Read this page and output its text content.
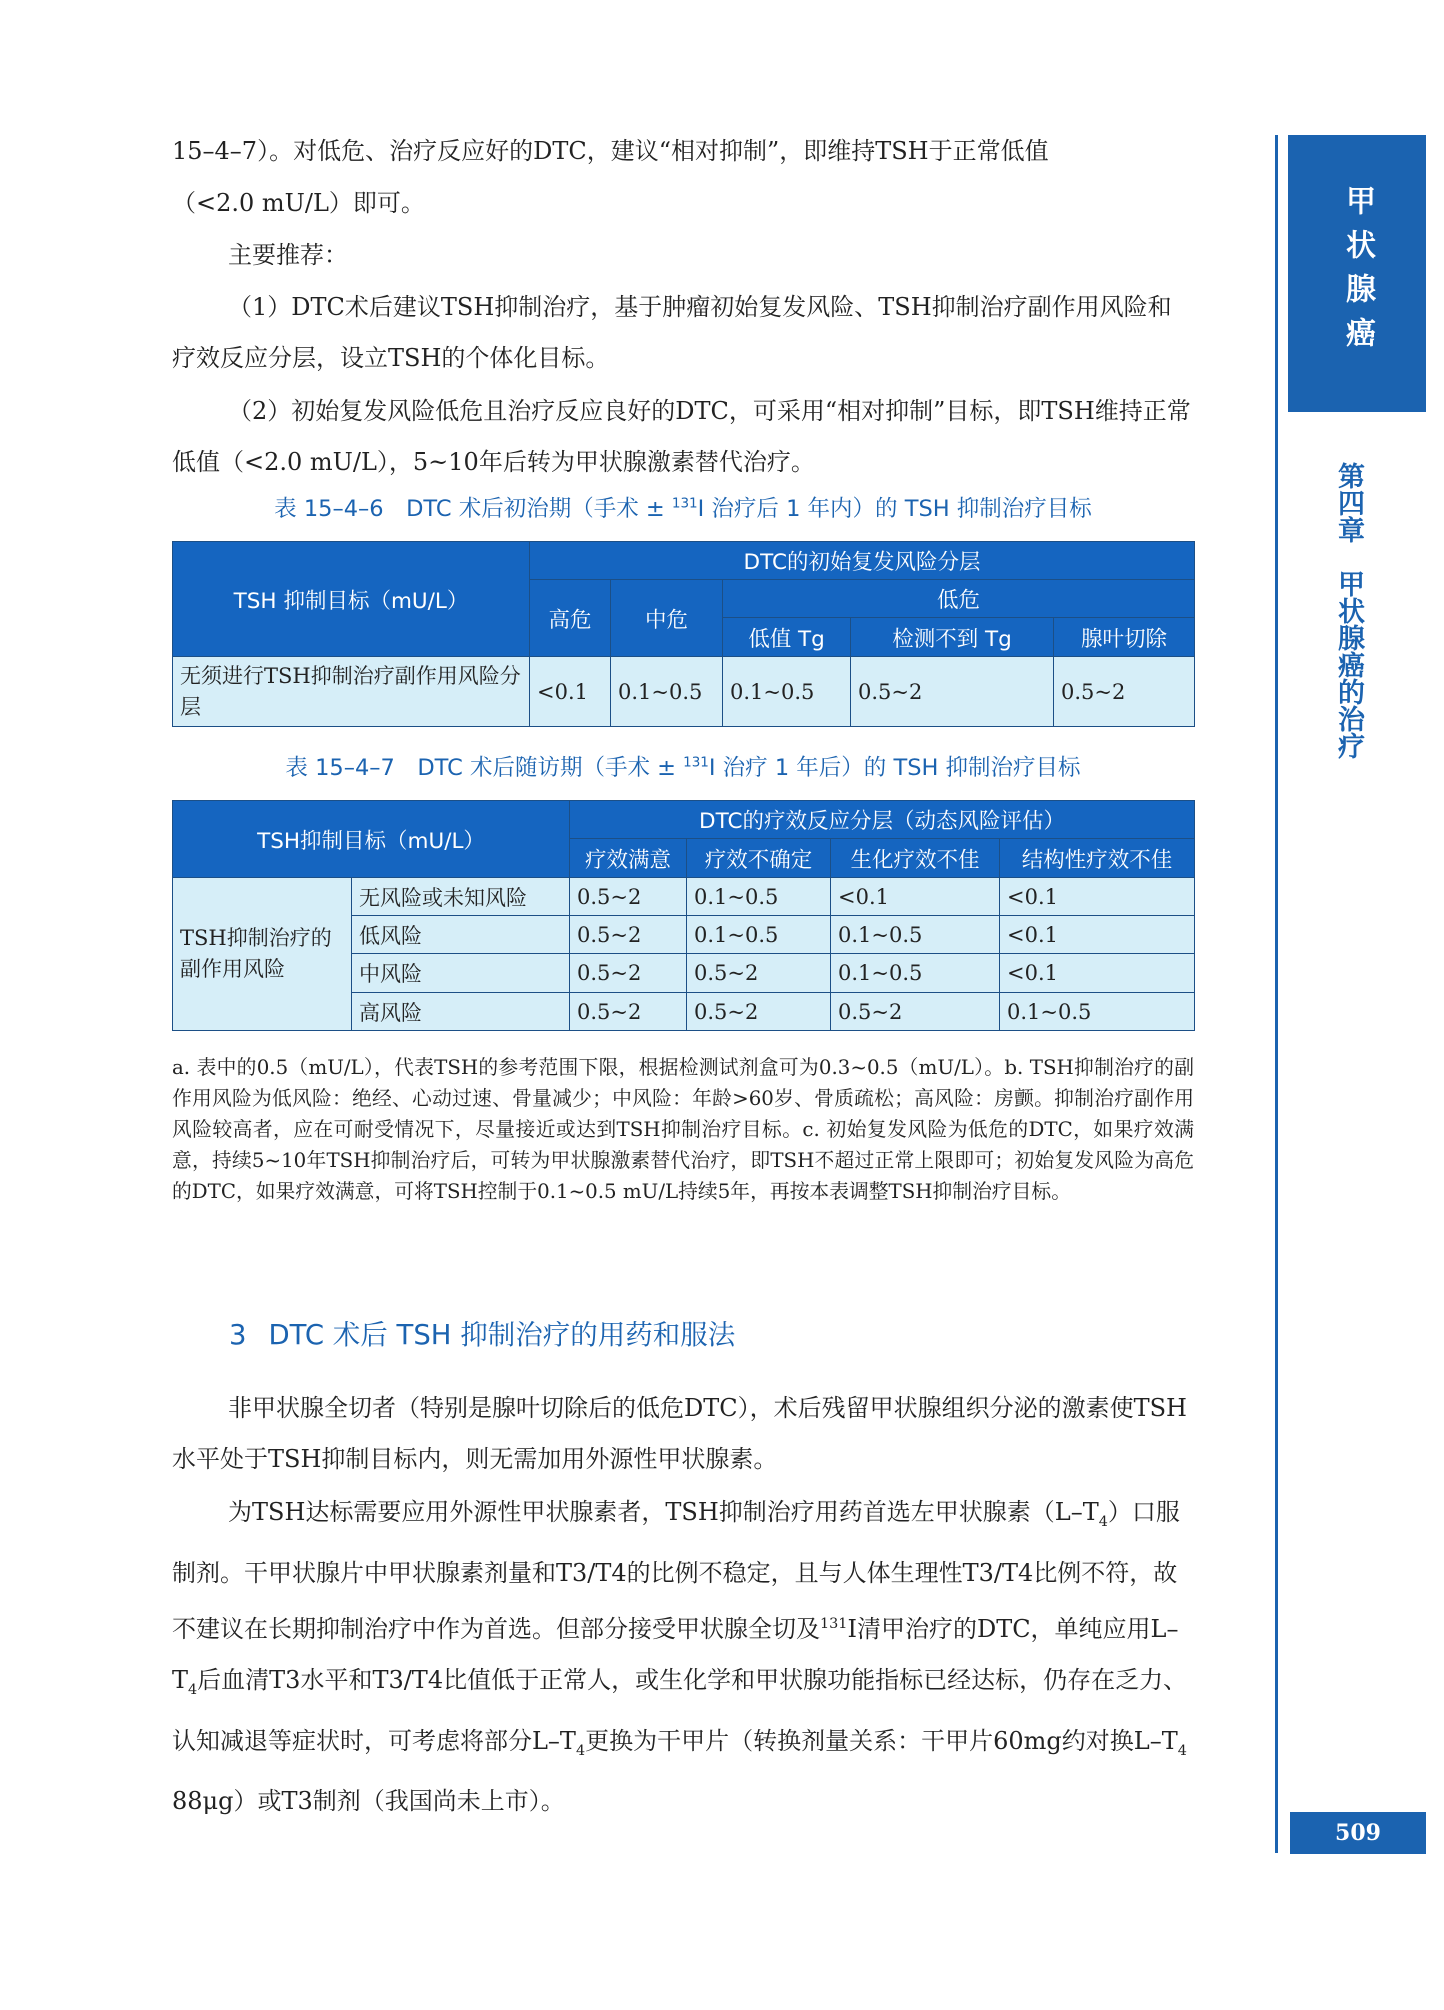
甲状腺癌
第四章　甲状腺癌的治疗
509

15–4–7）。对低危、治疗反应好的DTC，建议“相对抑制”，即维持TSH于正常低值

（<2.0 mU/L）即可。

主要推荐：

（1）DTC术后建议TSH抑制治疗，基于肿瘤初始复发风险、TSH抑制治疗副作用风险和疗效反应分层，设立TSH的个体化目标。

（2）初始复发风险低危且治疗反应良好的DTC，可采用“相对抑制”目标，即TSH维持正常低值（<2.0 mU/L），5~10年后转为甲状腺激素替代治疗。

表 15–4–6　DTC 术后初治期（手术 ± $^{131}$I 治疗后 1 年内）的 TSH 抑制治疗目标
TSH 抑制目标（mU/L）	DTC的初始复发风险分层				
	高危	中危	低危		
			低值 Tg	检测不到 Tg	腺叶切除
无须进行TSH抑制治疗副作用风险分层	<0.1	0.1~0.5	0.1~0.5	0.5~2	0.5~2
表 15–4–7　DTC 术后随访期（手术 ± $^{131}$I 治疗 1 年后）的 TSH 抑制治疗目标
TSH抑制目标（mU/L）		DTC的疗效反应分层（动态风险评估）			
		疗效满意	疗效不确定	生化疗效不佳	结构性疗效不佳
TSH抑制治疗的副作用风险	无风险或未知风险	0.5~2	0.1~0.5	<0.1	<0.1
	低风险	0.5~2	0.1~0.5	0.1~0.5	<0.1
	中风险	0.5~2	0.5~2	0.1~0.5	<0.1
	高风险	0.5~2	0.5~2	0.5~2	0.1~0.5

a. 表中的0.5（mU/L），代表TSH的参考范围下限，根据检测试剂盒可为0.3~0.5（mU/L）。b. TSH抑制治疗的副作用风险为低风险：绝经、心动过速、骨量减少；中风险：年龄>60岁、骨质疏松；高风险：房颤。抑制治疗副作用风险较高者，应在可耐受情况下，尽量接近或达到TSH抑制治疗目标。c. 初始复发风险为低危的DTC，如果疗效满意，持续5~10年TSH抑制治疗后，可转为甲状腺激素替代治疗，即TSH不超过正常上限即可；初始复发风险为高危的DTC，如果疗效满意，可将TSH控制于0.1~0.5 mU/L持续5年，再按本表调整TSH抑制治疗目标。

3 DTC 术后 TSH 抑制治疗的用药和服法

非甲状腺全切者（特别是腺叶切除后的低危DTC），术后残留甲状腺组织分泌的激素使TSH水平处于TSH抑制目标内，则无需加用外源性甲状腺素。

为TSH达标需要应用外源性甲状腺素者，TSH抑制治疗用药首选左甲状腺素$(L-T_4)$口服制剂。干甲状腺片中甲状腺素剂量和T3/T4的比例不稳定，且与人体生理性T3/T4比例不符，故不建议在长期抑制治疗中作为首选。但部分接受甲状腺全切及$^{131}$I清甲治疗的DTC，单纯应用$L-T_4$后血清T3水平和T3/T4比值低于正常人，或生化学和甲状腺功能指标已经达标，仍存在乏力、认知减退等症状时，可考虑将部分$L-T_4$更换为干甲片（转换剂量关系：干甲片60mg约对换$L-T_4$ 88μg）或T3制剂（我国尚未上市）。
